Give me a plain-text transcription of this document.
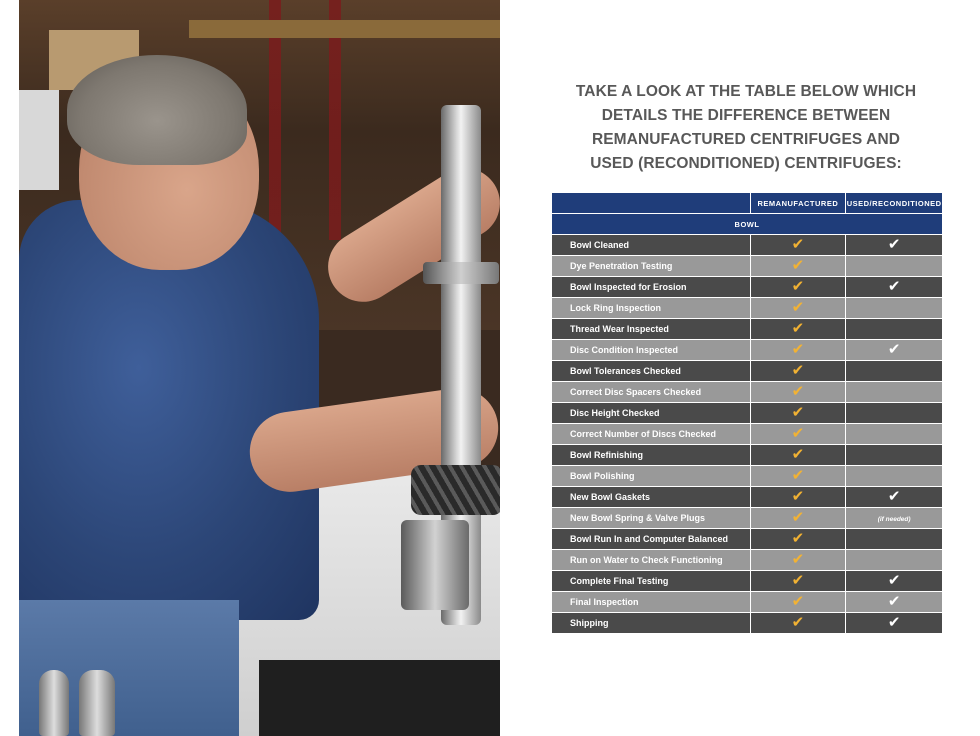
TAKE A LOOK AT THE TABLE BELOW WHICH
DETAILS THE DIFFERENCE BETWEEN
REMANUFACTURED CENTRIFUGES AND
USED (RECONDITIONED) CENTRIFUGES:
	REMANUFACTURED	USED/RECONDITIONED
BOWL		
Bowl Cleaned	✔	✔
Dye Penetration Testing	✔	
Bowl Inspected for Erosion	✔	✔
Lock Ring Inspection	✔	
Thread Wear Inspected	✔	
Disc Condition Inspected	✔	✔
Bowl Tolerances Checked	✔	
Correct Disc Spacers Checked	✔	
Disc Height Checked	✔	
Correct Number of Discs Checked	✔	
Bowl Refinishing	✔	
Bowl Polishing	✔	
New Bowl Gaskets	✔	✔
New Bowl Spring & Valve Plugs	✔	(if needed)
Bowl Run In and Computer Balanced	✔	
Run on Water to Check Functioning	✔	
Complete Final Testing	✔	✔
Final Inspection	✔	✔
Shipping	✔	✔
